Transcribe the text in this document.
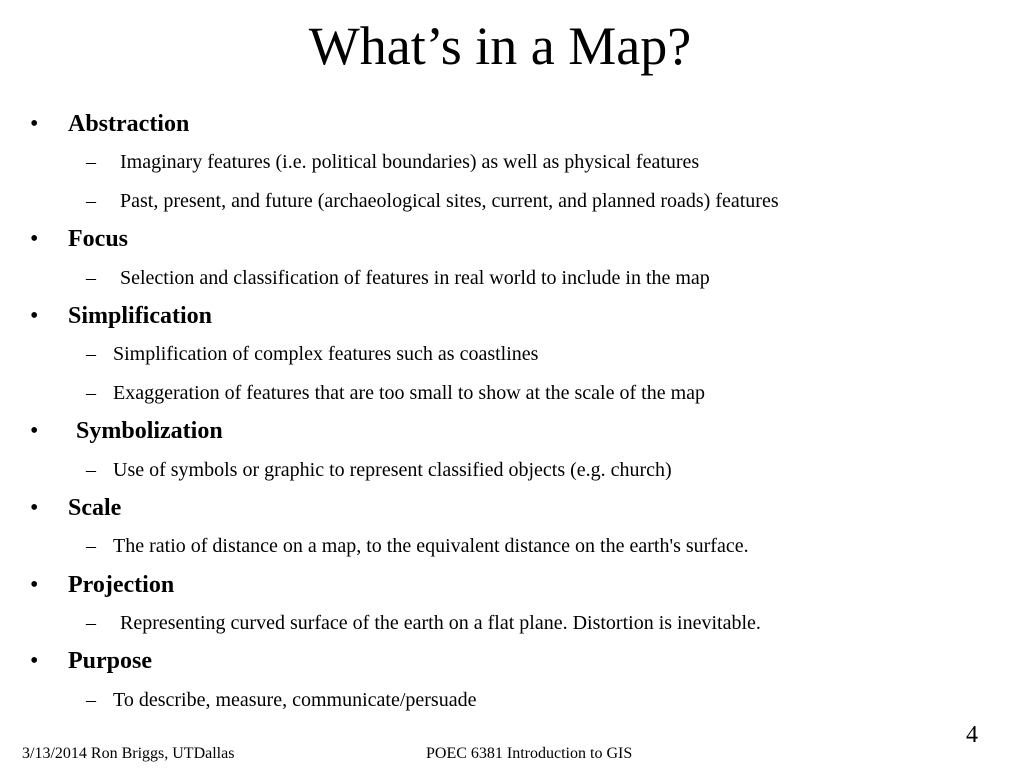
What’s in a Map?
• Abstraction
– Imaginary features (i.e. political boundaries) as well as physical features
– Past, present, and future (archaeological sites, current, and planned roads) features
• Focus
– Selection and classification of features in real world to include in the map
• Simplification
– Simplification of complex features such as coastlines
– Exaggeration of features that are too small to show at the scale of the map
• Symbolization
– Use of symbols or graphic to represent classified objects (e.g. church)
• Scale
– The ratio of distance on a map, to the equivalent distance on the earth's surface.
• Projection
– Representing curved surface of the earth on a flat plane. Distortion is inevitable.
• Purpose
– To describe, measure, communicate/persuade
3/13/2014 Ron Briggs, UTDallas	POEC 6381 Introduction to GIS
4
